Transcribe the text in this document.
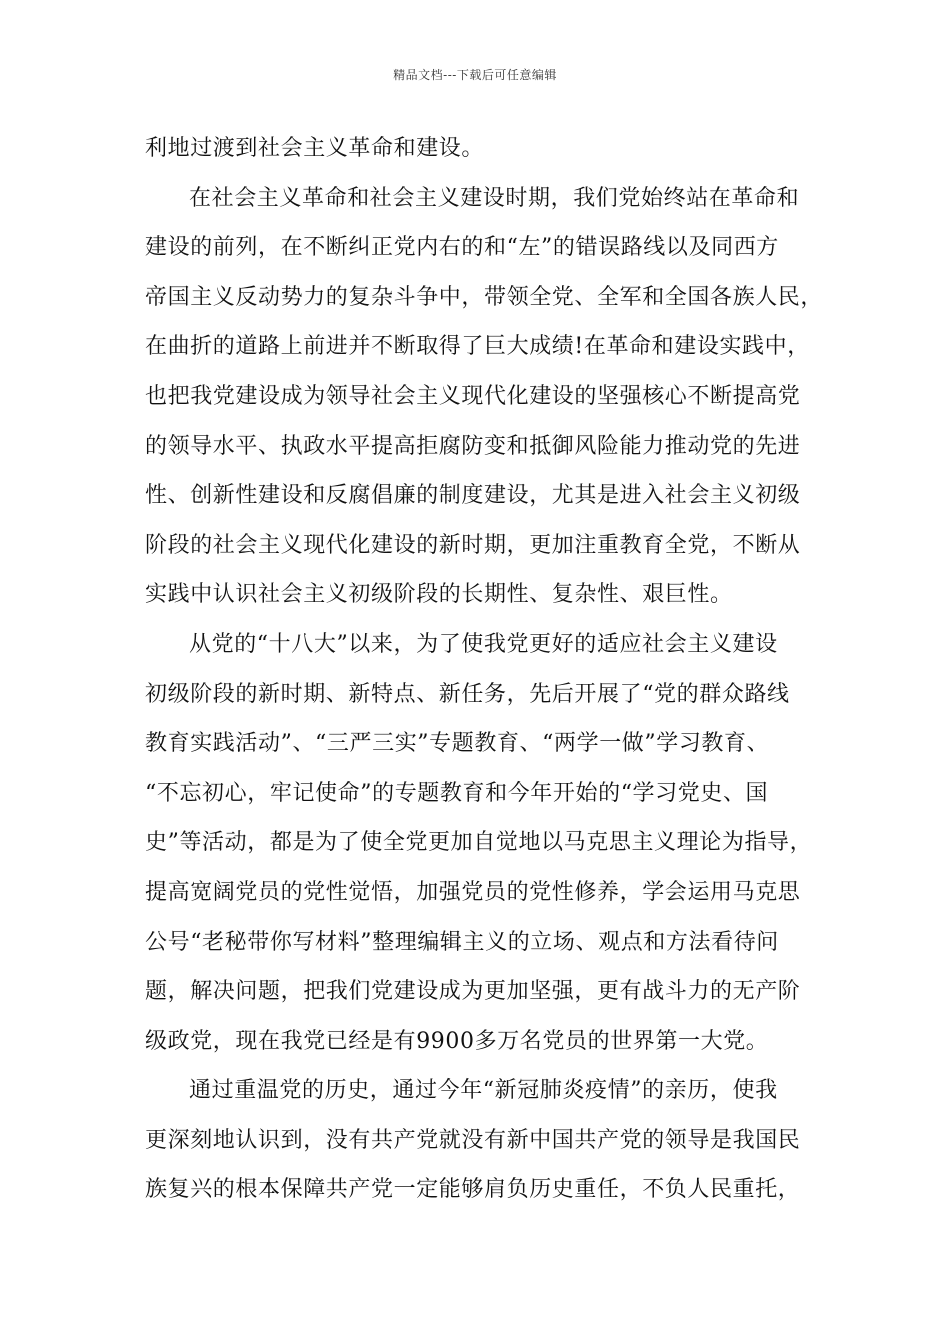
精品文档---下载后可任意编辑
利地过渡到社会主义革命和建设。
在社会主义革命和社会主义建设时期，我们党始终站在革命和
建设的前列，在不断纠正党内右的和“左”的错误路线以及同西方
帝国主义反动势力的复杂斗争中，带领全党、全军和全国各族人民，
在曲折的道路上前进并不断取得了巨大成绩!在革命和建设实践中，
也把我党建设成为领导社会主义现代化建设的坚强核心不断提高党
的领导水平、执政水平提高拒腐防变和抵御风险能力推动党的先进
性、创新性建设和反腐倡廉的制度建设，尤其是进入社会主义初级
阶段的社会主义现代化建设的新时期，更加注重教育全党，不断从
实践中认识社会主义初级阶段的长期性、复杂性、艰巨性。
从党的“十八大”以来，为了使我党更好的适应社会主义建设
初级阶段的新时期、新特点、新任务，先后开展了“党的群众路线
教育实践活动”、“三严三实”专题教育、“两学一做”学习教育、
“不忘初心，牢记使命”的专题教育和今年开始的“学习党史、国
史”等活动，都是为了使全党更加自觉地以马克思主义理论为指导，
提高宽阔党员的党性觉悟，加强党员的党性修养，学会运用马克思
公号“老秘带你写材料”整理编辑主义的立场、观点和方法看待问
题，解决问题，把我们党建设成为更加坚强，更有战斗力的无产阶
级政党，现在我党已经是有9900多万名党员的世界第一大党。
通过重温党的历史，通过今年“新冠肺炎疫情”的亲历，使我
更深刻地认识到，没有共产党就没有新中国共产党的领导是我国民
族复兴的根本保障共产党一定能够肩负历史重任，不负人民重托，
